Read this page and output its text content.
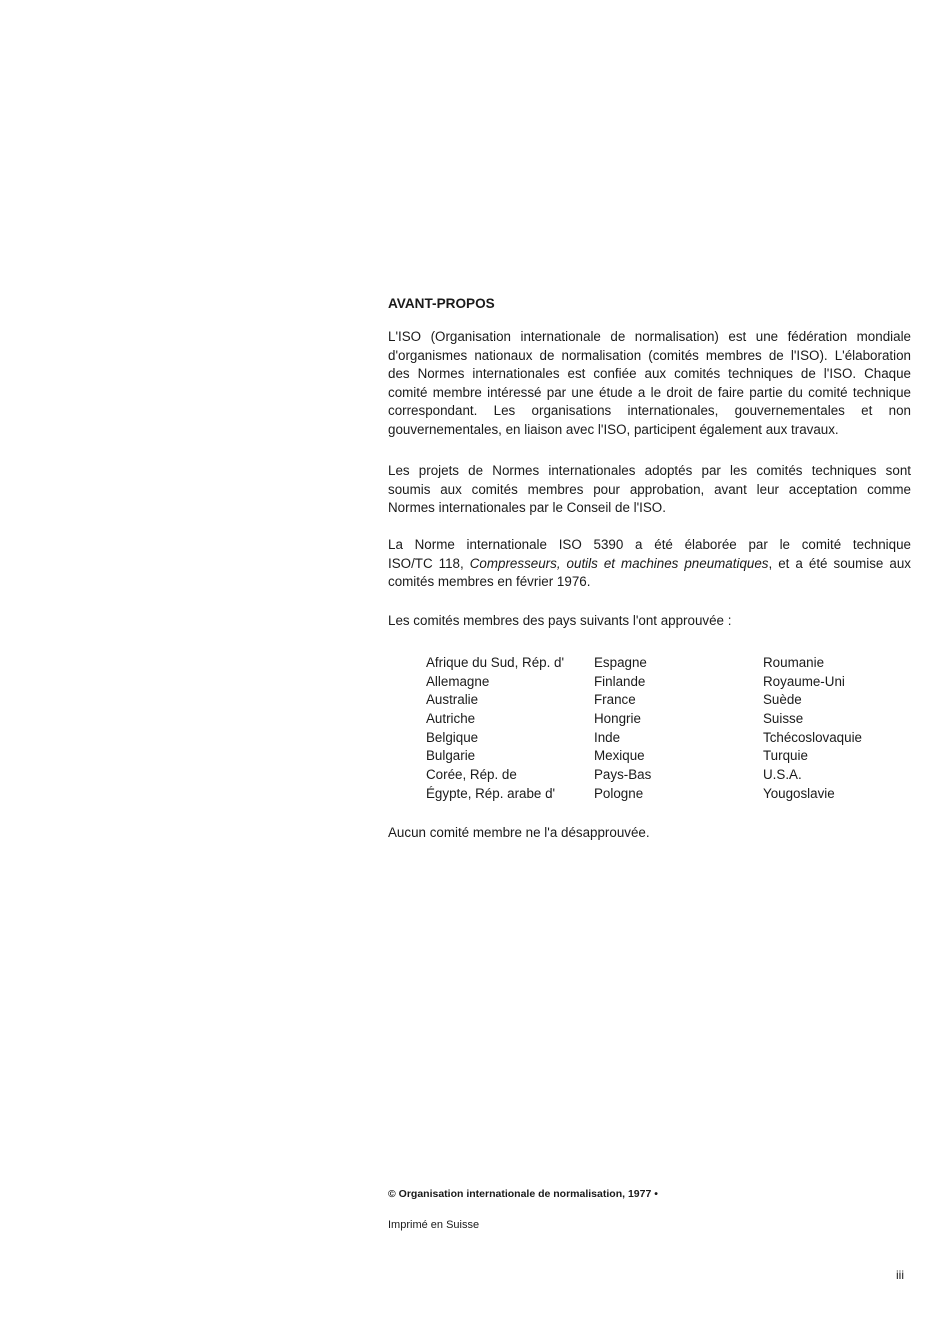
AVANT-PROPOS
L'ISO (Organisation internationale de normalisation) est une fédération mondiale
d'organismes nationaux de normalisation (comités membres de l'ISO). L'élaboration
des Normes internationales est confiée aux comités techniques de l'ISO. Chaque
comité membre intéressé par une étude a le droit de faire partie du comité technique
correspondant. Les organisations internationales, gouvernementales et non
gouvernementales, en liaison avec l'ISO, participent également aux travaux.
Les projets de Normes internationales adoptés par les comités techniques sont
soumis aux comités membres pour approbation, avant leur acceptation comme
Normes internationales par le Conseil de l'ISO.
La Norme internationale ISO 5390 a été élaborée par le comité technique
ISO/TC 118, Compresseurs, outils et machines pneumatiques, et a été soumise aux
comités membres en février 1976.
Les comités membres des pays suivants l'ont approuvée :
Afrique du Sud, Rép. d'
Allemagne
Australie
Autriche
Belgique
Bulgarie
Corée, Rép. de
Égypte, Rép. arabe d'
Espagne
Finlande
France
Hongrie
Inde
Mexique
Pays-Bas
Pologne
Roumanie
Royaume-Uni
Suède
Suisse
Tchécoslovaquie
Turquie
U.S.A.
Yougoslavie
Aucun comité membre ne l'a désapprouvée.
© Organisation internationale de normalisation, 1977 •
Imprimé en Suisse
iii
